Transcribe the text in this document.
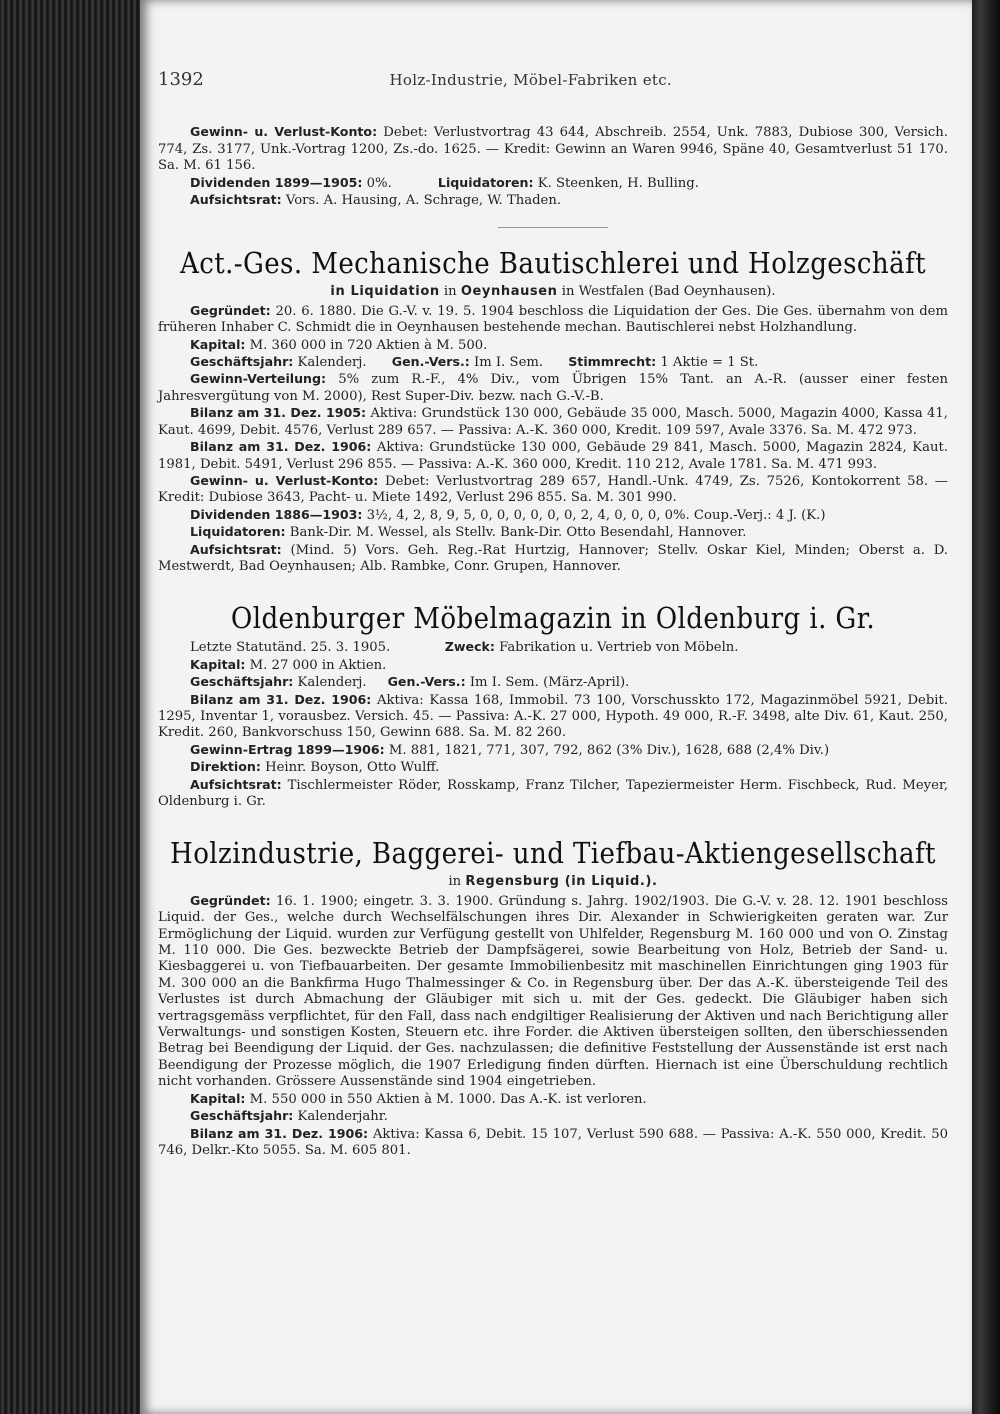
1392	Holz-Industrie, Möbel-Fabriken etc.

Gewinn- u. Verlust-Konto: Debet: Verlustvortrag 43 644, Abschreib. 2554, Unk. 7883, Dubiose 300, Versich. 774, Zs. 3177, Unk.-Vortrag 1200, Zs.-do. 1625. — Kredit: Gewinn an Waren 9946, Späne 40, Gesamtverlust 51 170. Sa. M. 61 156.

Dividenden 1899—1905: 0%.	Liquidatoren: K. Steenken, H. Bulling.

Aufsichtsrat: Vors. A. Hausing, A. Schrage, W. Thaden.

Act.-Ges. Mechanische Bautischlerei und Holzgeschäft
in Liquidation in Oeynhausen in Westfalen (Bad Oeynhausen).

Gegründet: 20. 6. 1880. Die G.-V. v. 19. 5. 1904 beschloss die Liquidation der Ges. Die Ges. übernahm von dem früheren Inhaber C. Schmidt die in Oeynhausen bestehende mechan. Bautischlerei nebst Holzhandlung.

Kapital: M. 360 000 in 720 Aktien à M. 500.

Geschäftsjahr: Kalenderj. Gen.-Vers.: Im I. Sem. Stimmrecht: 1 Aktie = 1 St.

Gewinn-Verteilung: 5% zum R.-F., 4% Div., vom Übrigen 15% Tant. an A.-R. (ausser einer festen Jahresvergütung von M. 2000), Rest Super-Div. bezw. nach G.-V.-B.

Bilanz am 31. Dez. 1905: Aktiva: Grundstück 130 000, Gebäude 35 000, Masch. 5000, Magazin 4000, Kassa 41, Kaut. 4699, Debit. 4576, Verlust 289 657. — Passiva: A.-K. 360 000, Kredit. 109 597, Avale 3376. Sa. M. 472 973.

Bilanz am 31. Dez. 1906: Aktiva: Grundstücke 130 000, Gebäude 29 841, Masch. 5000, Magazin 2824, Kaut. 1981, Debit. 5491, Verlust 296 855. — Passiva: A.-K. 360 000, Kredit. 110 212, Avale 1781. Sa. M. 471 993.

Gewinn- u. Verlust-Konto: Debet: Verlustvortrag 289 657, Handl.-Unk. 4749, Zs. 7526, Kontokorrent 58. — Kredit: Dubiose 3643, Pacht- u. Miete 1492, Verlust 296 855. Sa. M. 301 990.

Dividenden 1886—1903: 3½, 4, 2, 8, 9, 5, 0, 0, 0, 0, 0, 0, 2, 4, 0, 0, 0, 0%. Coup.-Verj.: 4 J. (K.)

Liquidatoren: Bank-Dir. M. Wessel, als Stellv. Bank-Dir. Otto Besendahl, Hannover.

Aufsichtsrat: (Mind. 5) Vors. Geh. Reg.-Rat Hurtzig, Hannover; Stellv. Oskar Kiel, Minden; Oberst a. D. Mestwerdt, Bad Oeynhausen; Alb. Rambke, Conr. Grupen, Hannover.

Oldenburger Möbelmagazin in Oldenburg i. Gr.

Letzte Statutänd. 25. 3. 1905.	Zweck: Fabrikation u. Vertrieb von Möbeln.

Kapital: M. 27 000 in Aktien.

Geschäftsjahr: Kalenderj. Gen.-Vers.: Im I. Sem. (März-April).

Bilanz am 31. Dez. 1906: Aktiva: Kassa 168, Immobil. 73 100, Vorschusskto 172, Magazinmöbel 5921, Debit. 1295, Inventar 1, vorausbez. Versich. 45. — Passiva: A.-K. 27 000, Hypoth. 49 000, R.-F. 3498, alte Div. 61, Kaut. 250, Kredit. 260, Bankvorschuss 150, Gewinn 688. Sa. M. 82 260.

Gewinn-Ertrag 1899—1906: M. 881, 1821, 771, 307, 792, 862 (3% Div.), 1628, 688 (2,4% Div.)

Direktion: Heinr. Boyson, Otto Wulff.

Aufsichtsrat: Tischlermeister Röder, Rosskamp, Franz Tilcher, Tapeziermeister Herm. Fischbeck, Rud. Meyer, Oldenburg i. Gr.

Holzindustrie, Baggerei- und Tiefbau-Aktiengesellschaft
in Regensburg (in Liquid.).

Gegründet: 16. 1. 1900; eingetr. 3. 3. 1900. Gründung s. Jahrg. 1902/1903. Die G.-V. v. 28. 12. 1901 beschloss Liquid. der Ges., welche durch Wechselfälschungen ihres Dir. Alexander in Schwierigkeiten geraten war. Zur Ermöglichung der Liquid. wurden zur Verfügung gestellt von Uhlfelder, Regensburg M. 160 000 und von O. Zinstag M. 110 000. Die Ges. bezweckte Betrieb der Dampfsägerei, sowie Bearbeitung von Holz, Betrieb der Sand- u. Kiesbaggerei u. von Tiefbauarbeiten. Der gesamte Immobilienbesitz mit maschinellen Einrichtungen ging 1903 für M. 300 000 an die Bankfirma Hugo Thalmessinger & Co. in Regensburg über. Der das A.-K. übersteigende Teil des Verlustes ist durch Abmachung der Gläubiger mit sich u. mit der Ges. gedeckt. Die Gläubiger haben sich vertragsgemäss verpflichtet, für den Fall, dass nach endgiltiger Realisierung der Aktiven und nach Berichtigung aller Verwaltungs- und sonstigen Kosten, Steuern etc. ihre Forder. die Aktiven übersteigen sollten, den überschiessenden Betrag bei Beendigung der Liquid. der Ges. nachzulassen; die definitive Feststellung der Aussenstände ist erst nach Beendigung der Prozesse möglich, die 1907 Erledigung finden dürften. Hiernach ist eine Überschuldung rechtlich nicht vorhanden. Grössere Aussenstände sind 1904 eingetrieben.

Kapital: M. 550 000 in 550 Aktien à M. 1000. Das A.-K. ist verloren.

Geschäftsjahr: Kalenderjahr.

Bilanz am 31. Dez. 1906: Aktiva: Kassa 6, Debit. 15 107, Verlust 590 688. — Passiva: A.-K. 550 000, Kredit. 50 746, Delkr.-Kto 5055. Sa. M. 605 801.
